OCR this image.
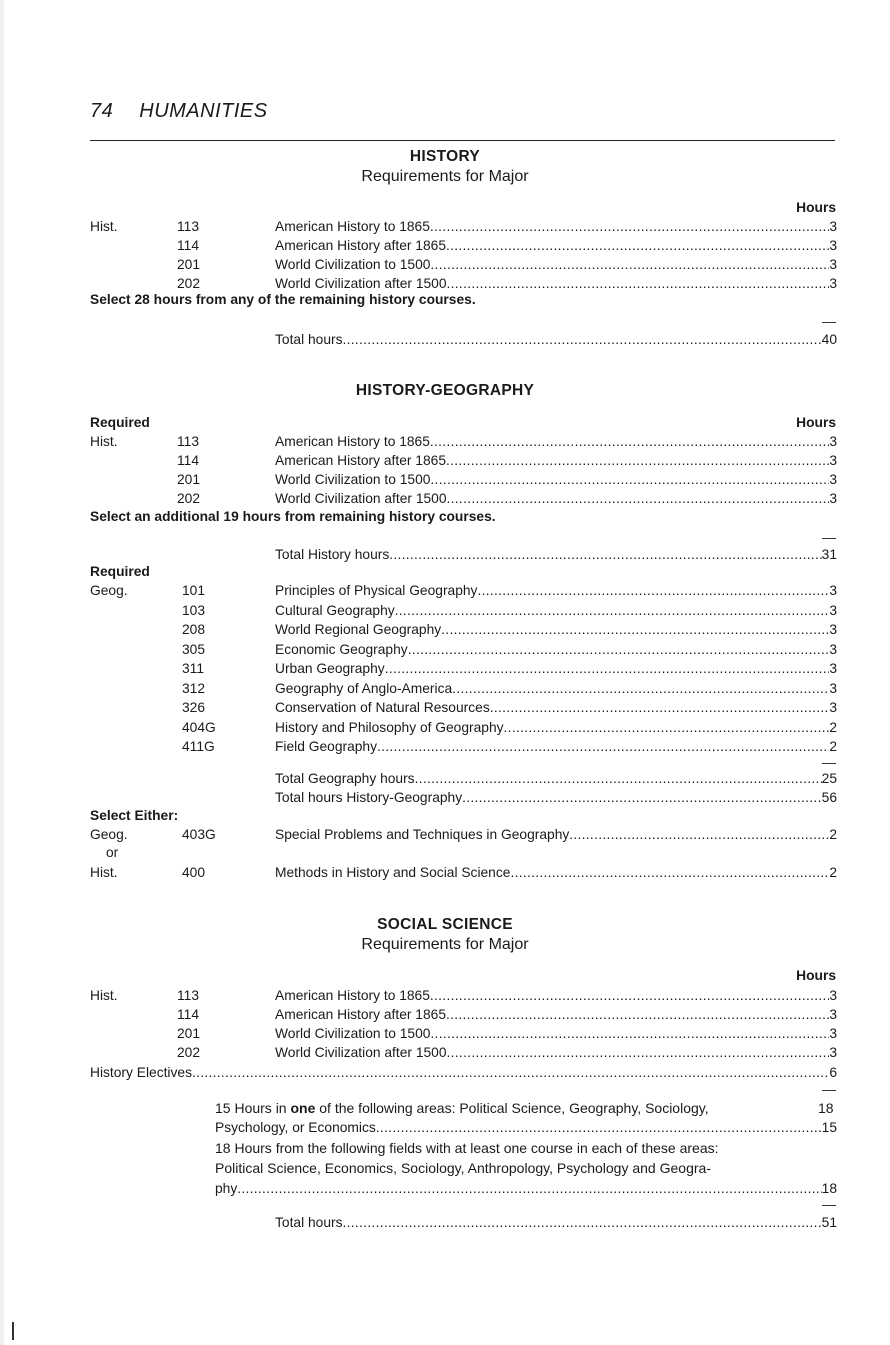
74 HUMANITIES
HISTORY
Requirements for Major
Hours
Hist.	113	American History to 1865 .....	3
114	American History after 1865 .....	3
201	World Civilization to 1500 .....	3
202	World Civilization after 1500 .....	3
Select 28 hours from any of the remaining history courses.
Total hours .....	40
HISTORY-GEOGRAPHY
Required	Hours
Hist.	113	American History to 1865 .....	3
114	American History after 1865 .....	3
201	World Civilization to 1500 .....	3
202	World Civilization after 1500 .....	3
Select an additional 19 hours from remaining history courses.
Total History hours .....	31
Required
Geog.	101	Principles of Physical Geography .....	3
103	Cultural Geography .....	3
208	World Regional Geography .....	3
305	Economic Geography .....	3
311	Urban Geography .....	3
312	Geography of Anglo-America .....	3
326	Conservation of Natural Resources .....	3
404G	History and Philosophy of Geography .....	2
411G	Field Geography .....	2
Total Geography hours .....	25
Total hours History-Geography .....	56
Select Either:
Geog.	403G	Special Problems and Techniques in Geography .....	2
or
Hist.	400	Methods in History and Social Science .....	2
SOCIAL SCIENCE
Requirements for Major
Hours
Hist.	113	American History to 1865 .....	3
114	American History after 1865 .....	3
201	World Civilization to 1500 .....	3
202	World Civilization after 1500 .....	3
History Electives .....	6
15 Hours in one of the following areas: Political Science, Geography, Sociology,	18
Psychology, or Economics .....	15
18 Hours from the following fields with at least one course in each of these areas:
Political Science, Economics, Sociology, Anthropology, Psychology and Geogra-
phy .....	18
Total hours .....	51
